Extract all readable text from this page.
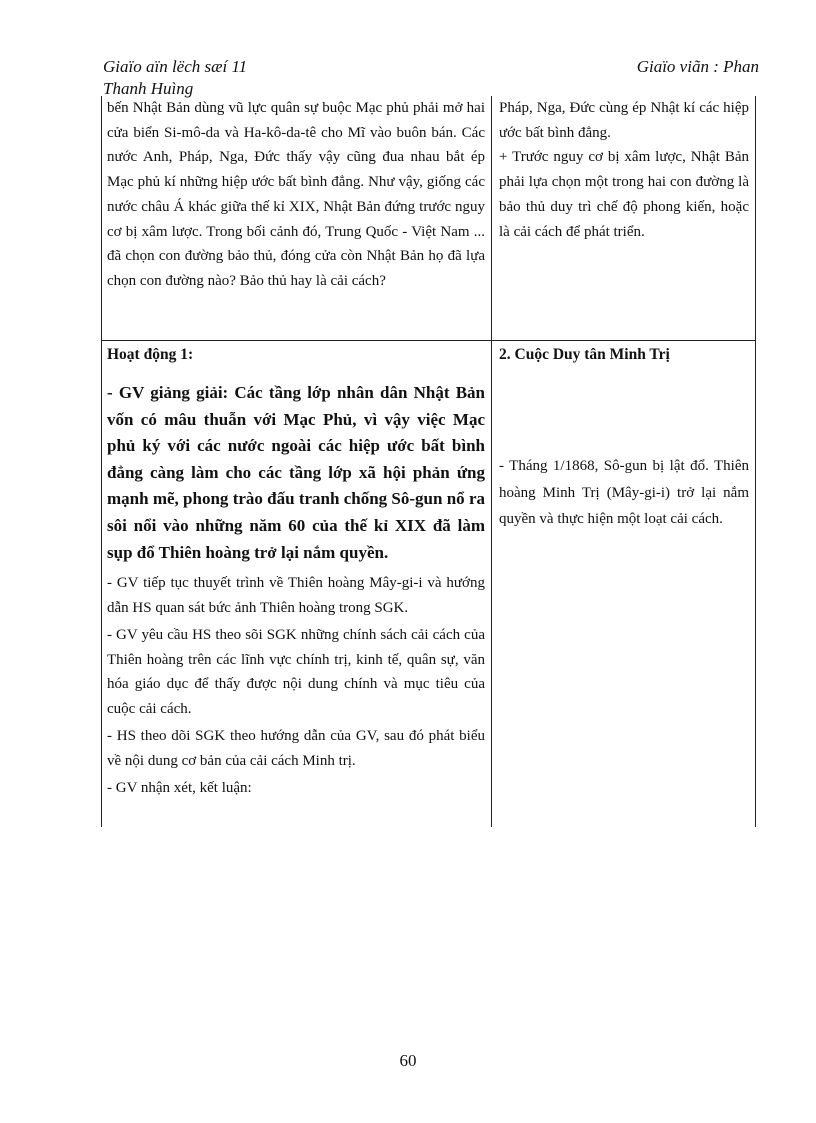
Giaïo aïn lëch sæí 11
Thanh Huìng
Giaïo viãn : Phan
bến Nhật Bản dùng vũ lực quân sự buộc Mạc phủ phải mở hai cửa biển Si-mô-da và Ha-kô-da-tê cho Mĩ vào buôn bán. Các nước Anh, Pháp, Nga, Đức thấy vậy cũng đua nhau bắt ép Mạc phủ kí những hiệp ước bất bình đẳng. Như vậy, giống các nước châu Á khác giữa thế kỉ XIX, Nhật Bản đứng trước nguy cơ bị xâm lược. Trong bối cảnh đó, Trung Quốc - Việt Nam ... đã chọn con đường bảo thủ, đóng cửa còn Nhật Bản họ đã lựa chọn con đường nào? Bảo thủ hay là cải cách?

Pháp, Nga, Đức cùng ép Nhật kí các hiệp ước bất bình đẳng.

+ Trước nguy cơ bị xâm lược, Nhật Bản phải lựa chọn một trong hai con đường là bảo thủ duy trì chế độ phong kiến, hoặc là cải cách để phát triển.

Hoạt động 1:	2. Cuộc Duy tân Minh Trị

- GV giảng giải: Các tầng lớp nhân dân Nhật Bản vốn có mâu thuẫn với Mạc Phủ, vì vậy việc Mạc phủ ký với các nước ngoài các hiệp ước bất bình đẳng càng làm cho các tầng lớp xã hội phản ứng mạnh mẽ, phong trào đấu tranh chống Sô-gun nổ ra sôi nổi vào những năm 60 của thế kỉ XIX đã làm sụp đổ Thiên hoàng trở lại nắm quyền.

- Tháng 1/1868, Sô-gun bị lật đổ. Thiên hoàng Minh Trị (Mây-gi-i) trở lại nắm quyền và thực hiện một loạt cải cách.

- GV tiếp tục thuyết trình về Thiên hoàng Mây-gi-i và hướng dẫn HS quan sát bức ảnh Thiên hoàng trong SGK.

- GV yêu cầu HS theo sõi SGK những chính sách cải cách của Thiên hoàng trên các lĩnh vực chính trị, kinh tế, quân sự, văn hóa giáo dục để thấy được nội dung chính và mục tiêu của cuộc cải cách.

- HS theo dõi SGK theo hướng dẫn của GV, sau đó phát biểu về nội dung cơ bản của cải cách Minh trị.

- GV nhận xét, kết luận:

60
